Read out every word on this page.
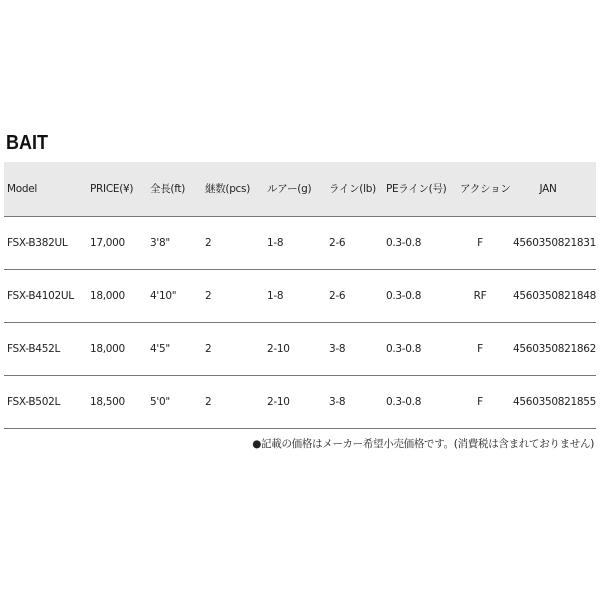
BAIT
Model	PRICE(¥)	全長(ft)	継数(pcs)	ルアー(g)	ライン(lb)	PEライン(号)	アクション	JAN
FSX-B382UL	17,000	3'8"	2	1-8	2-6	0.3-0.8	F	4560350821831
FSX-B4102UL	18,000	4'10"	2	1-8	2-6	0.3-0.8	RF	4560350821848
FSX-B452L	18,000	4'5"	2	2-10	3-8	0.3-0.8	F	4560350821862
FSX-B502L	18,500	5'0"	2	2-10	3-8	0.3-0.8	F	4560350821855
●記載の価格はメーカー希望小売価格です。(消費税は含まれておりません)
